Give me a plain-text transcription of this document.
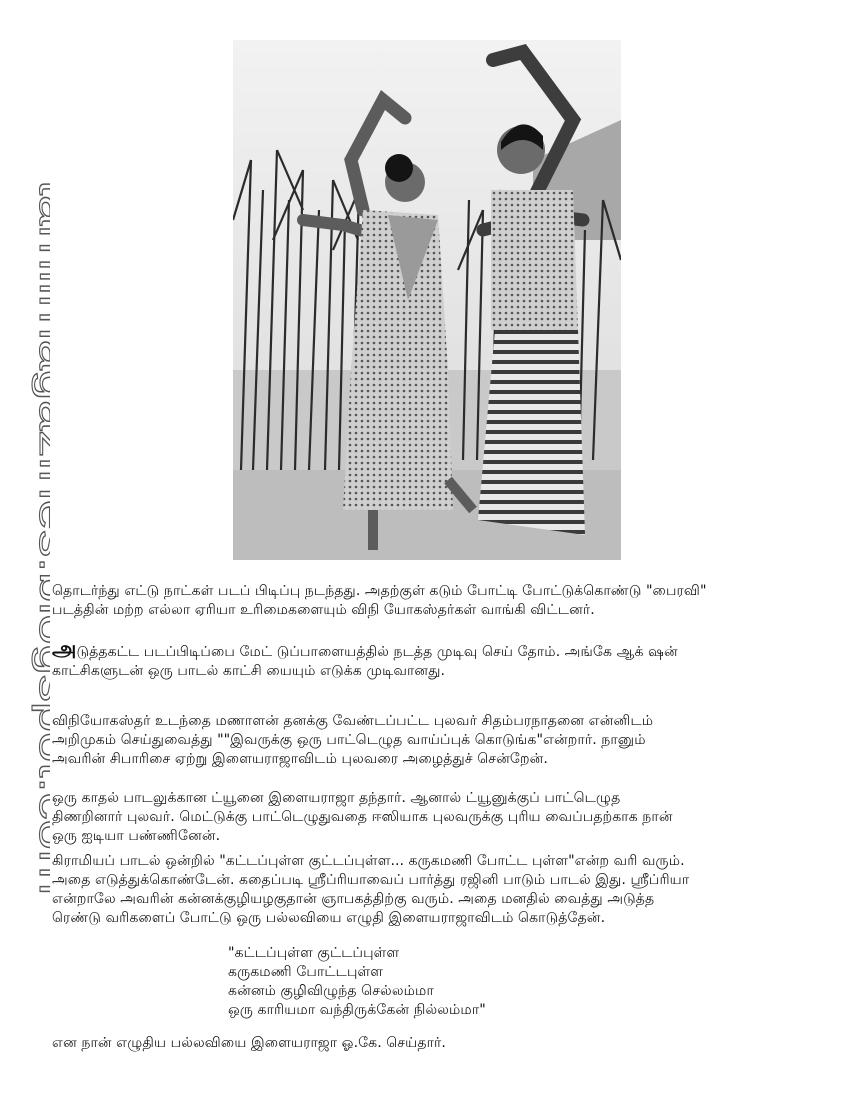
tamilmagazines.blogspot.com

தொடர்ந்து எட்டு நாட்கள் படப் பிடிப்பு நடந்தது. அதற்குள் கடும் போட்டி போட்டுக்கொண்டு "பைரவி"
படத்தின் மற்ற எல்லா ஏரியா உரிமைகளையும் விநி யோகஸ்தர்கள் வாங்கி விட்டனர்.

அடுத்தகட்ட படப்பிடிப்பை மேட் டுப்பாளையத்தில் நடத்த முடிவு செய் தோம். அங்கே ஆக் ஷன்
காட்சிகளுடன் ஒரு பாடல் காட்சி யையும் எடுக்க முடிவானது.

விநியோகஸ்தர் உடந்தை மணாளன் தனக்கு வேண்டப்பட்ட புலவர் சிதம்பரநாதனை என்னிடம்
அறிமுகம் செய்துவைத்து ""இவருக்கு ஒரு பாட்டெழுத வாய்ப்புக் கொடுங்க"என்றார். நானும்
அவரின் சிபாரிசை ஏற்று இளையராஜாவிடம் புலவரை அழைத்துச் சென்றேன்.

ஒரு காதல் பாடலுக்கான ட்யூனை இளையராஜா தந்தார். ஆனால் ட்யூனுக்குப் பாட்டெழுத
திணறினார் புலவர். மெட்டுக்கு பாட்டெழுதுவதை ஈஸியாக புலவருக்கு புரிய வைப்பதற்காக நான்
ஒரு ஐடியா பண்ணினேன்.

கிராமியப் பாடல் ஒன்றில் "கட்டப்புள்ள குட்டப்புள்ள... கருகமணி போட்ட புள்ள"என்ற வரி வரும்.
அதை எடுத்துக்கொண்டேன். கதைப்படி ஸ்ரீப்ரியாவைப் பார்த்து ரஜினி பாடும் பாடல் இது. ஸ்ரீப்ரியா
என்றாலே அவரின் கன்னக்குழியழகுதான் ஞாபகத்திற்கு வரும். அதை மனதில் வைத்து அடுத்த
ரெண்டு வரிகளைப் போட்டு ஒரு பல்லவியை எழுதி இளையராஜாவிடம் கொடுத்தேன்.

"கட்டப்புள்ள குட்டப்புள்ள
கருகமணி போட்டபுள்ள
கன்னம் குழிவிழுந்த செல்லம்மா
ஒரு காரியமா வந்திருக்கேன் நில்லம்மா"

என நான் எழுதிய பல்லவியை இளையராஜா ஓ.கே. செய்தார்.
